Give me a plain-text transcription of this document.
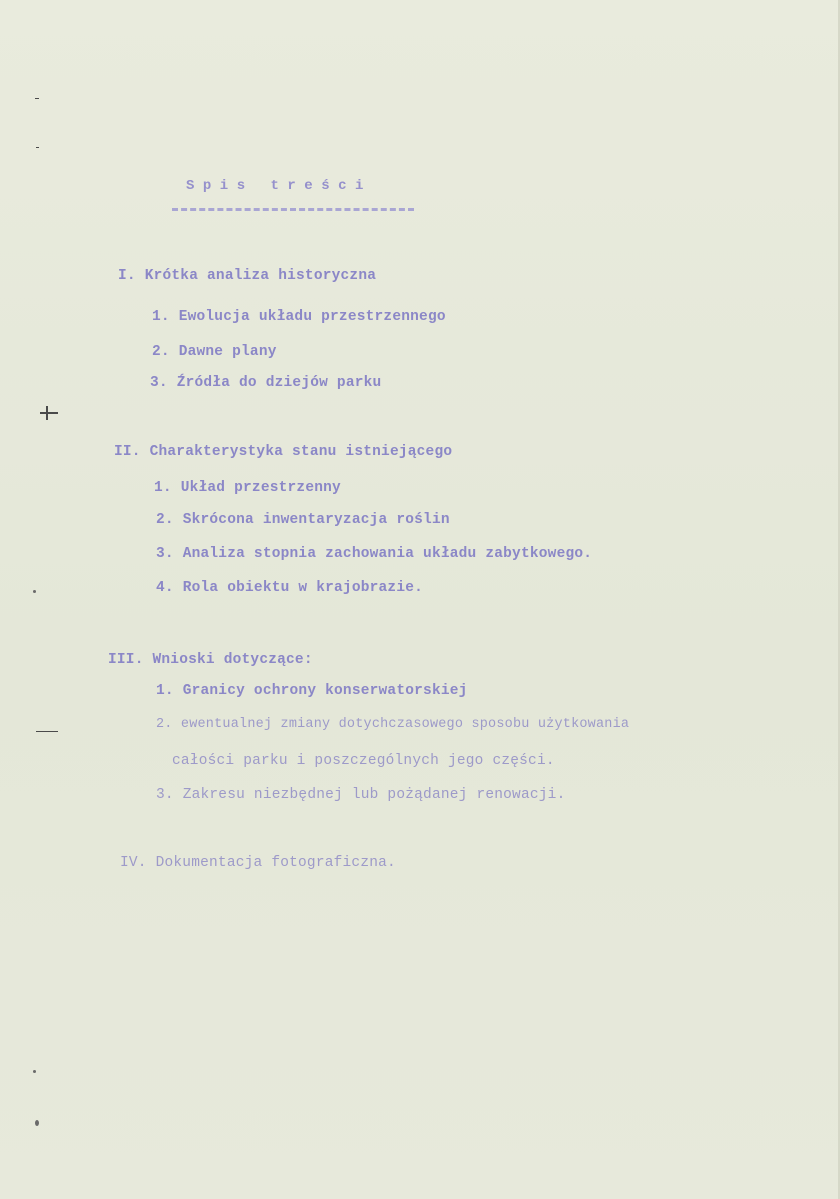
Spis treści
I. Krótka analiza historyczna
1. Ewolucja układu przestrzennego
2. Dawne plany
3. Źródła do dziejów parku
II. Charakterystyka stanu istniejącego
1. Układ przestrzenny
2. Skrócona inwentaryzacja roślin
3. Analiza stopnia zachowania układu zabytkowego.
4. Rola obiektu w krajobrazie.
III. Wnioski dotyczące:
1. Granicy ochrony konserwatorskiej
2. ewentualnej zmiany dotychczasowego sposobu użytkowania
całości parku i poszczególnych jego części.
3. Zakresu niezbędnej lub pożądanej renowacji.
IV. Dokumentacja fotograficzna.
